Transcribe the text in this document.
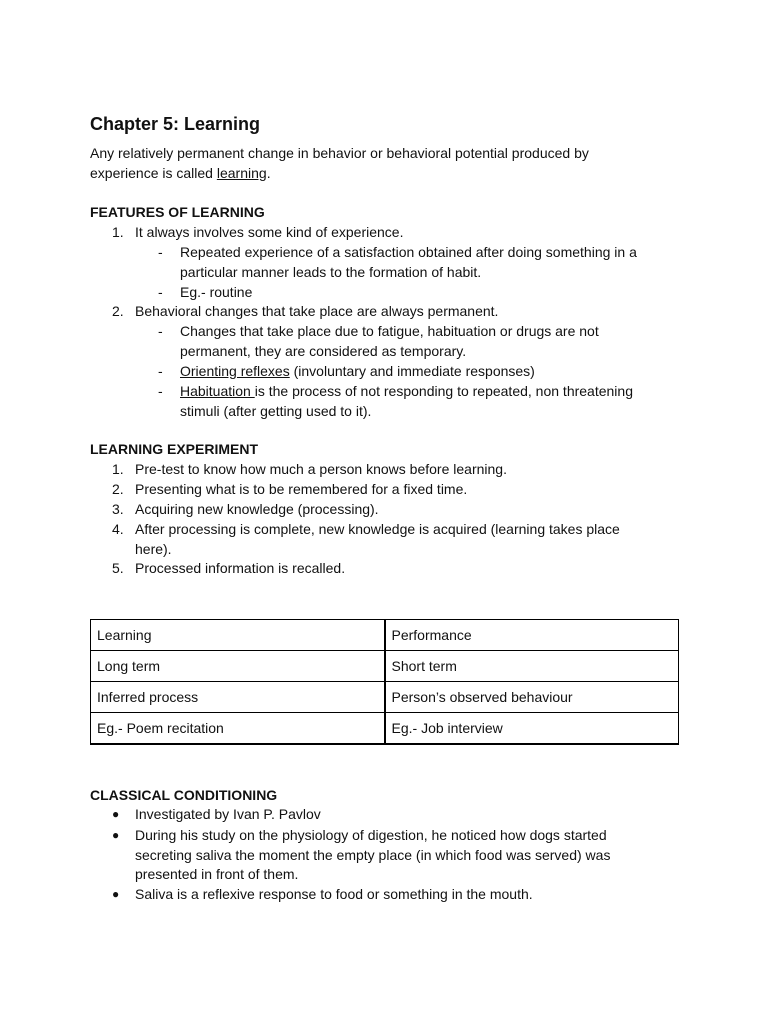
Chapter 5: Learning

Any relatively permanent change in behavior or behavioral potential produced by experience is called learning.

FEATURES OF LEARNING
1. It always involves some kind of experience.
- Repeated experience of a satisfaction obtained after doing something in a
particular manner leads to the formation of habit.
- Eg.- routine
2. Behavioral changes that take place are always permanent.
- Changes that take place due to fatigue, habituation or drugs are not
permanent, they are considered as temporary.
- Orienting reflexes (involuntary and immediate responses)
- Habituation is the process of not responding to repeated, non threatening
stimuli (after getting used to it).
LEARNING EXPERIMENT
1. Pre-test to know how much a person knows before learning.
2. Presenting what is to be remembered for a fixed time.
3. Acquiring new knowledge (processing).
4. After processing is complete, new knowledge is acquired (learning takes place
here).
5. Processed information is recalled.
Learning	Performance
Long term	Short term
Inferred process	Person’s observed behaviour
Eg.- Poem recitation	Eg.- Job interview
CLASSICAL CONDITIONING
● Investigated by Ivan P. Pavlov
● During his study on the physiology of digestion, he noticed how dogs started
secreting saliva the moment the empty place (in which food was served) was
presented in front of them.
● Saliva is a reflexive response to food or something in the mouth.
